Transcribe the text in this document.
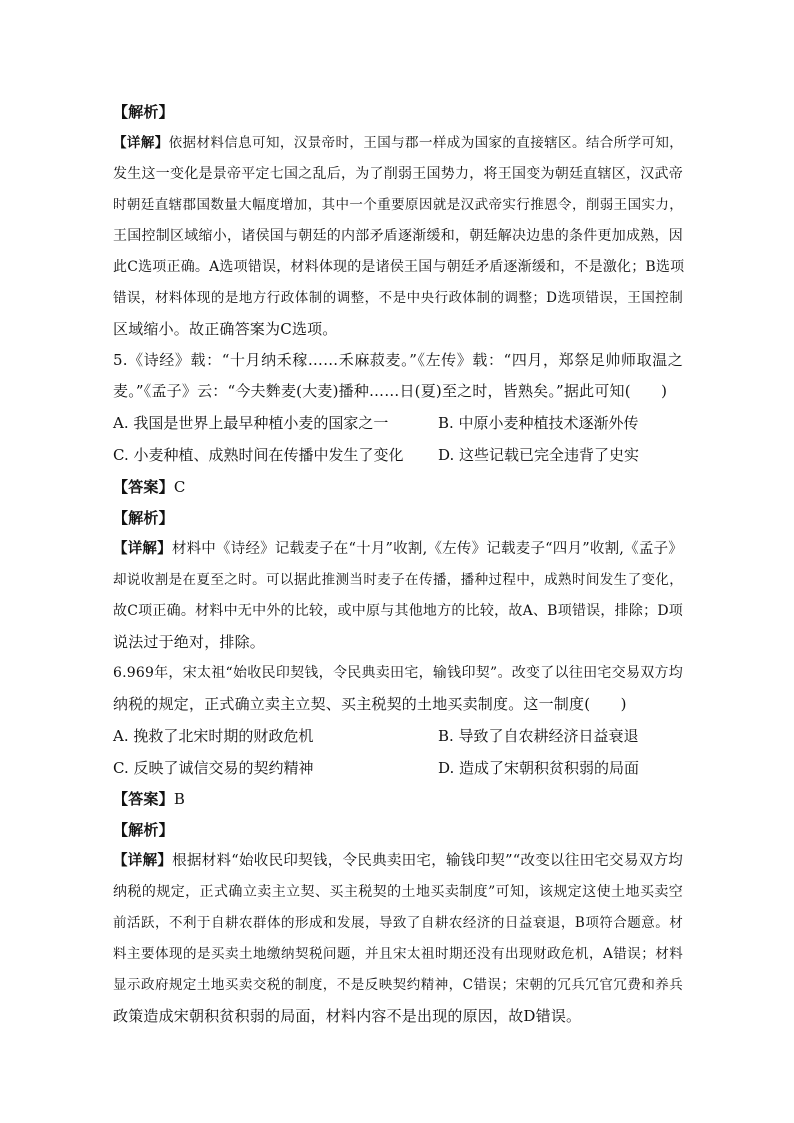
【解析】
【详解】依据材料信息可知，汉景帝时，王国与郡一样成为国家的直接辖区。结合所学可知，
发生这一变化是景帝平定七国之乱后，为了削弱王国势力，将王国变为朝廷直辖区，汉武帝
时朝廷直辖郡国数量大幅度增加，其中一个重要原因就是汉武帝实行推恩令，削弱王国实力，
王国控制区域缩小，诸侯国与朝廷的内部矛盾逐渐缓和，朝廷解决边患的条件更加成熟，因
此C选项正确。A选项错误，材料体现的是诸侯王国与朝廷矛盾逐渐缓和，不是激化；B选项
错误，材料体现的是地方行政体制的调整，不是中央行政体制的调整；D选项错误，王国控制
区域缩小。故正确答案为C选项。
5.《诗经》载：“十月纳禾稼……禾麻菽麦。”《左传》载：“四月，郑祭足帅师取温之
麦。”《孟子》云：“今夫麰麦(大麦)播种……日(夏)至之时，皆熟矣。”据此可知(　　)
A. 我国是世界上最早种植小麦的国家之一	B. 中原小麦种植技术逐渐外传
C. 小麦种植、成熟时间在传播中发生了变化 D. 这些记载已完全违背了史实
【答案】C
【解析】
【详解】材料中《诗经》记载麦子在“十月”收割,《左传》记载麦子“四月”收割,《孟子》
却说收割是在夏至之时。可以据此推测当时麦子在传播，播种过程中，成熟时间发生了变化，
故C项正确。材料中无中外的比较，或中原与其他地方的比较，故A、B项错误，排除；D项
说法过于绝对，排除。
6.969年，宋太祖“始收民印契钱，令民典卖田宅，输钱印契”。改变了以往田宅交易双方均
纳税的规定，正式确立卖主立契、买主税契的土地买卖制度。这一制度(　　)
A. 挽救了北宋时期的财政危机	B. 导致了自农耕经济日益衰退
C. 反映了诚信交易的契约精神	D. 造成了宋朝积贫积弱的局面
【答案】B
【解析】
【详解】根据材料“始收民印契钱，令民典卖田宅，输钱印契”“改变以往田宅交易双方均
纳税的规定，正式确立卖主立契、买主税契的土地买卖制度”可知，该规定这使土地买卖空
前活跃，不利于自耕农群体的形成和发展，导致了自耕农经济的日益衰退，B项符合题意。材
料主要体现的是买卖土地缴纳契税问题，并且宋太祖时期还没有出现财政危机，A错误；材料
显示政府规定土地买卖交税的制度，不是反映契约精神，C错误；宋朝的冗兵冗官冗费和养兵
政策造成宋朝积贫积弱的局面，材料内容不是出现的原因，故D错误。
